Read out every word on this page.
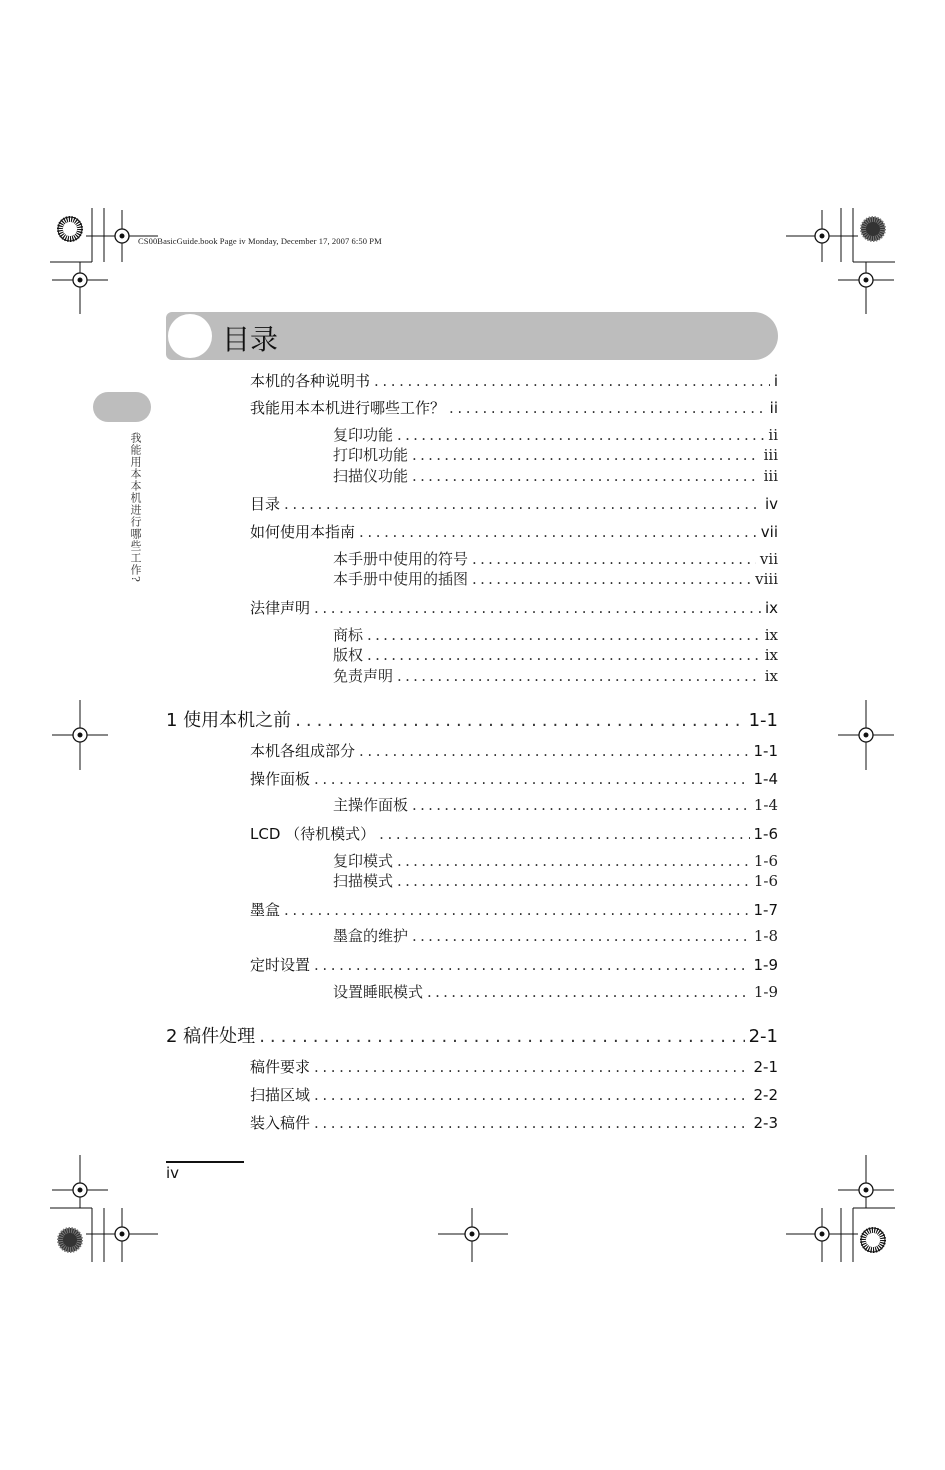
CS00BasicGuide.book Page iv Monday, December 17, 2007 6:50 PM
目录
我能用本本机进行哪些工作?
本机的各种说明书 .....	i
我能用本本机进行哪些工作？ .....	ii
复印功能 .....	ii
打印机功能 .....	iii
扫描仪功能 .....	iii
目录 .....	iv
如何使用本指南 .....	vii
本手册中使用的符号 .....	vii
本手册中使用的插图 .....	viii
法律声明 .....	ix
商标 .....	ix
版权 .....	ix
免责声明 .....	ix
1 使用本机之前 .....	1-1
本机各组成部分 .....	1-1
操作面板 .....	1-4
主操作面板 .....	1-4
LCD （待机模式） .....	1-6
复印模式 .....	1-6
扫描模式 .....	1-6
墨盒 .....	1-7
墨盒的维护 .....	1-8
定时设置 .....	1-9
设置睡眠模式 .....	1-9
2 稿件处理 .....	2-1
稿件要求 .....	2-1
扫描区域 .....	2-2
装入稿件 .....	2-3
iv
